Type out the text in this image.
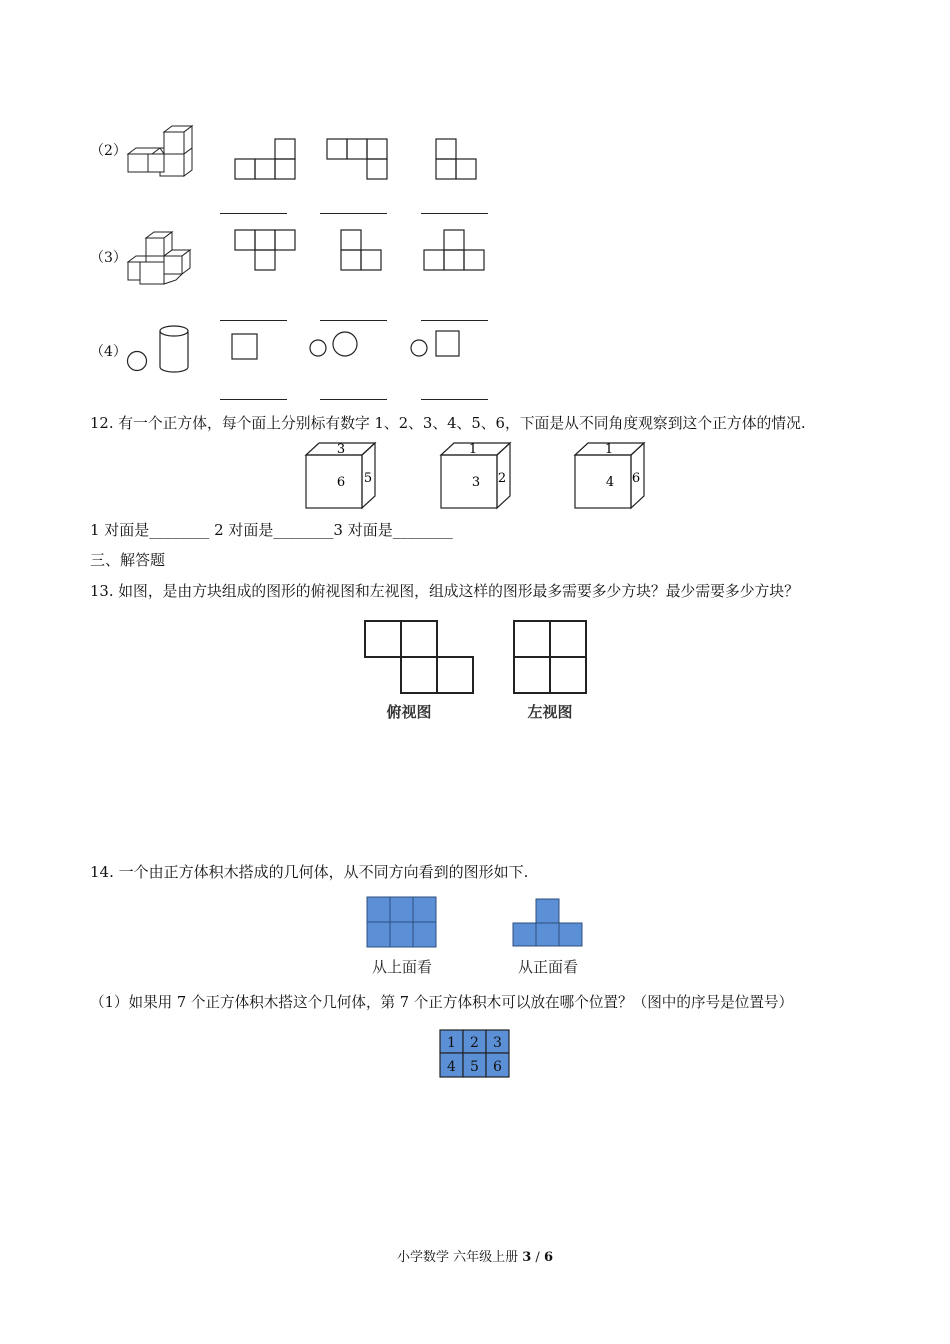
（2）
（3）
（4）
12. 有一个正方体，每个面上分别标有数字 1、2、3、4、5、6，下面是从不同角度观察到这个正方体的情况.
3
6 5
1
3 2
1
4 6
1 对面是________ 2 对面是________3 对面是________
三、解答题
13. 如图，是由方块组成的图形的俯视图和左视图，组成这样的图形最多需要多少方块？最少需要多少方块？
俯视图	左视图
14. 一个由正方体积木搭成的几何体，从不同方向看到的图形如下.
从上面看	从正面看
（1）如果用 7 个正方体积木搭这个几何体，第 7 个正方体积木可以放在哪个位置？（图中的序号是位置号）
1 2 3
4 5 6
小学数学 六年级上册 3 / 6
